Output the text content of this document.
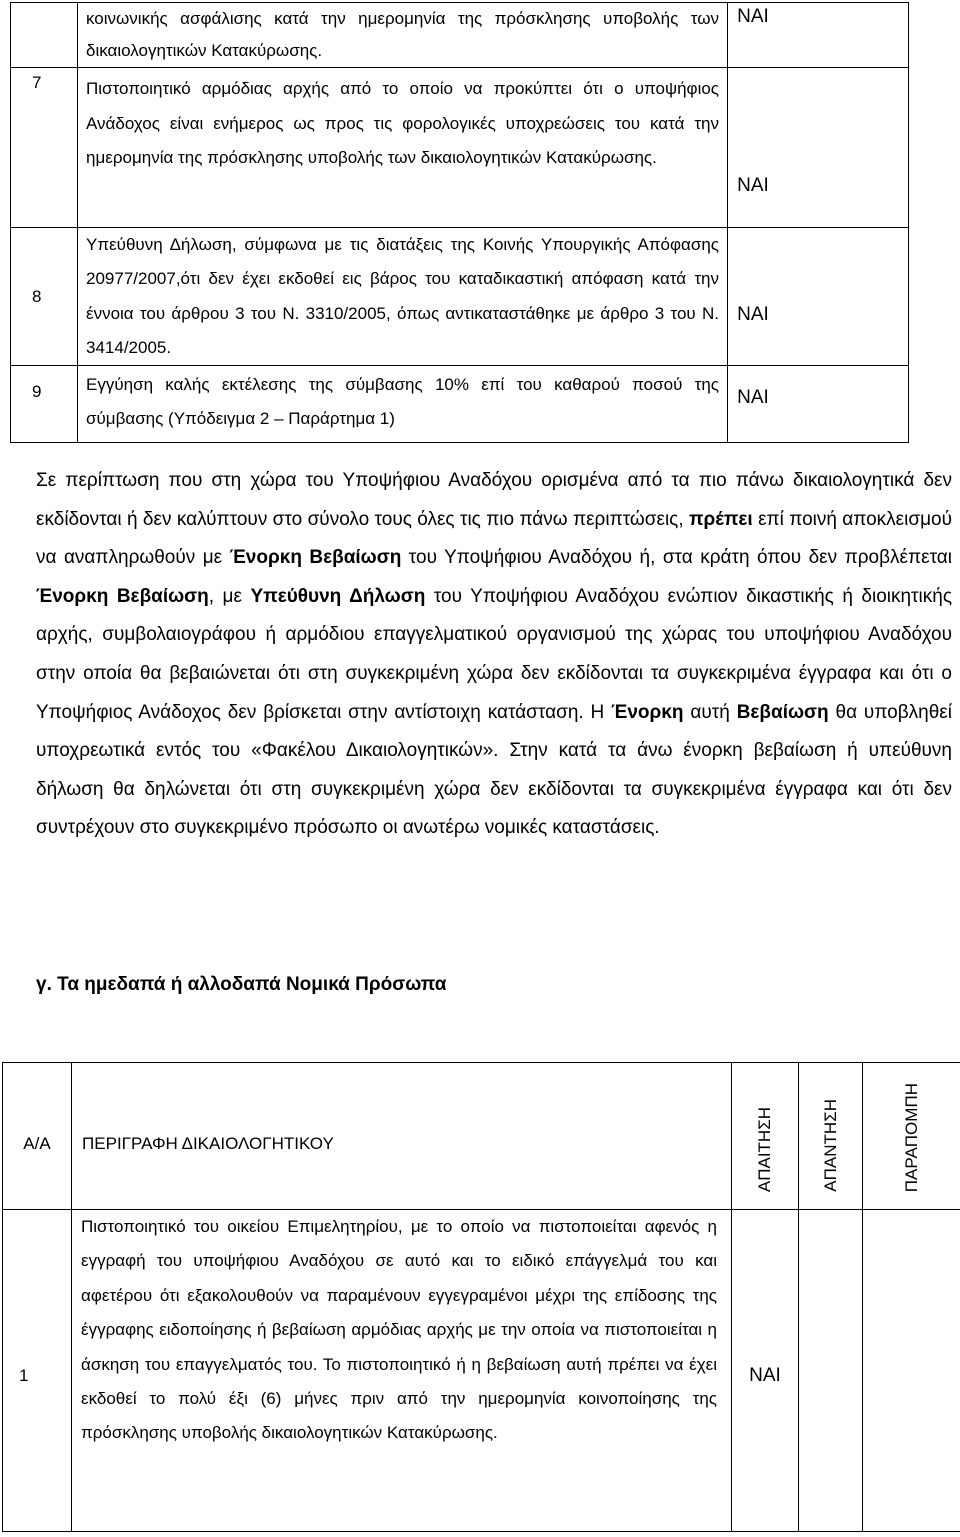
	κοινωνικής ασφάλισης κατά την ημερομηνία της πρόσκλησης υποβολής των δικαιολογητικών Κατακύρωσης.	ΝΑΙ

7	Πιστοποιητικό αρμόδιας αρχής από το οποίο να προκύπτει ότι ο υποψήφιος Ανάδοχος είναι ενήμερος ως προς τις φορολογικές υποχρεώσεις του κατά την ημερομηνία της πρόσκλησης υποβολής των δικαιολογητικών Κατακύρωσης.	ΝΑΙ

8	Υπεύθυνη Δήλωση, σύμφωνα με τις διατάξεις της Κοινής Υπουργικής Απόφασης 20977/2007,ότι δεν έχει εκδοθεί εις βάρος του καταδικαστική απόφαση κατά την έννοια του άρθρου 3 του Ν. 3310/2005, όπως αντικαταστάθηκε με άρθρο 3 του Ν. 3414/2005.	ΝΑΙ

9	Εγγύηση καλής εκτέλεσης της σύμβασης 10% επί του καθαρού ποσού της σύμβασης (Υπόδειγμα 2 – Παράρτημα 1)	ΝΑΙ
Σε περίπτωση που στη χώρα του Υποψήφιου Αναδόχου ορισμένα από τα πιο πάνω δικαιολογητικά δεν εκδίδονται ή δεν καλύπτουν στο σύνολο τους όλες τις πιο πάνω περιπτώσεις, πρέπει επί ποινή αποκλεισμού να αναπληρωθούν με Ένορκη Βεβαίωση του Υποψήφιου Αναδόχου ή, στα κράτη όπου δεν προβλέπεται Ένορκη Βεβαίωση, με Υπεύθυνη Δήλωση του Υποψήφιου Αναδόχου ενώπιον δικαστικής ή διοικητικής αρχής, συμβολαιογράφου ή αρμόδιου επαγγελματικού οργανισμού της χώρας του υποψήφιου Αναδόχου στην οποία θα βεβαιώνεται ότι στη συγκεκριμένη χώρα δεν εκδίδονται τα συγκεκριμένα έγγραφα και ότι ο Υποψήφιος Ανάδοχος δεν βρίσκεται στην αντίστοιχη κατάσταση. Η Ένορκη αυτή Βεβαίωση θα υποβληθεί υποχρεωτικά εντός του «Φακέλου Δικαιολογητικών». Στην κατά τα άνω ένορκη βεβαίωση ή υπεύθυνη δήλωση θα δηλώνεται ότι στη συγκεκριμένη χώρα δεν εκδίδονται τα συγκεκριμένα έγγραφα και ότι δεν συντρέχουν στο συγκεκριμένο πρόσωπο οι ανωτέρω νομικές καταστάσεις.
γ. Τα ημεδαπά ή αλλοδαπά Νομικά Πρόσωπα
Α/Α	ΠΕΡΙΓΡΑΦΗ ΔΙΚΑΙΟΛΟΓΗΤΙΚΟΥ	ΑΠΑΙΤΗΣΗ	ΑΠΑΝΤΗΣΗ	ΠΑΡΑΠΟΜΠΗ
1	Πιστοποιητικό του οικείου Επιμελητηρίου, με το οποίο να πιστοποιείται αφενός η εγγραφή του υποψήφιου Αναδόχου σε αυτό και το ειδικό επάγγελμά του και αφετέρου ότι εξακολουθούν να παραμένουν εγγεγραμένοι μέχρι της επίδοσης της έγγραφης ειδοποίησης ή βεβαίωση αρμόδιας αρχής με την οποία να πιστοποιείται η άσκηση του επαγγελματός του. Το πιστοποιητικό ή η βεβαίωση αυτή πρέπει να έχει εκδοθεί το πολύ έξι (6) μήνες πριν από την ημερομηνία κοινοποίησης της πρόσκλησης υποβολής δικαιολογητικών Κατακύρωσης.	ΝΑΙ		
